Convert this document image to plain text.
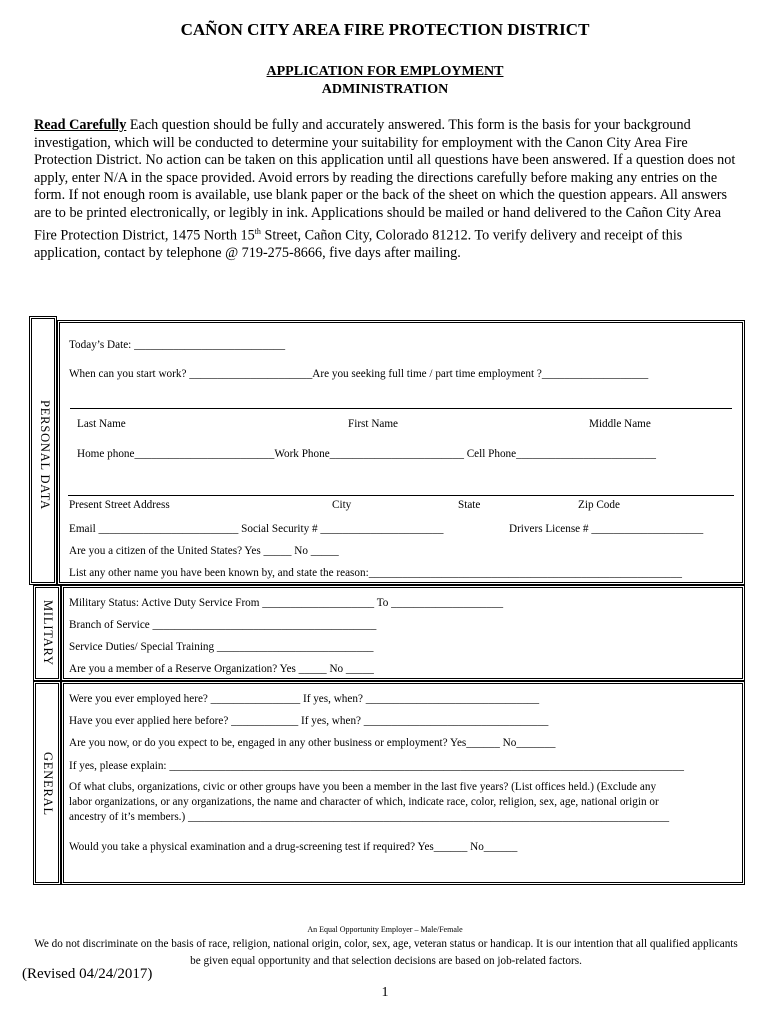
CAÑON CITY AREA FIRE PROTECTION DISTRICT
APPLICATION FOR EMPLOYMENT
ADMINISTRATION
Read Carefully Each question should be fully and accurately answered. This form is the basis for your background investigation, which will be conducted to determine your suitability for employment with the Canon City Area Fire Protection District. No action can be taken on this application until all questions have been answered. If a question does not apply, enter N/A in the space provided. Avoid errors by reading the directions carefully before making any entries on the form. If not enough room is available, use blank paper or the back of the sheet on which the question appears. All answers are to be printed electronically, or legibly in ink. Applications should be mailed or hand delivered to the Cañon City Area Fire Protection District, 1475 North 15th Street, Cañon City, Colorado 81212. To verify delivery and receipt of this application, contact by telephone @ 719-275-8666, five days after mailing.
PERSONAL DATA
Today’s Date: ___________________________
When can you start work? ______________________Are you seeking full time / part time employment ?___________________
Last Name	First Name	Middle Name
Home phone_________________________Work Phone________________________ Cell Phone_________________________
Present Street Address	City	State	Zip Code
Email _________________________ Social Security # ______________________	Drivers License # ____________________
Are you a citizen of the United States? Yes _____ No _____
List any other name you have been known by, and state the reason:________________________________________________________
MILITARY Military Status: Active Duty Service From ____________________ To ____________________
Branch of Service ________________________________________
Service Duties/ Special Training ____________________________
Are you a member of a Reserve Organization? Yes _____ No _____
GENERAL
Were you ever employed here? ________________ If yes, when? _______________________________
Have you ever applied here before? ____________ If yes, when? _________________________________
Are you now, or do you expect to be, engaged in any other business or employment? Yes______ No_______
If yes, please explain: ____________________________________________________________________________________________
Of what clubs, organizations, civic or other groups have you been a member in the last five years? (List offices held.) (Exclude any
labor organizations, or any organizations, the name and character of which, indicate race, color, religion, sex, age, national origin or
ancestry of it’s members.) ______________________________________________________________________________________
Would you take a physical examination and a drug-screening test if required? Yes______ No______
An Equal Opportunity Employer – Male/Female
We do not discriminate on the basis of race, religion, national origin, color, sex, age, veteran status or handicap. It is our intention that all qualified applicants be given equal opportunity and that selection decisions are based on job-related factors.
(Revised 04/24/2017)
1
